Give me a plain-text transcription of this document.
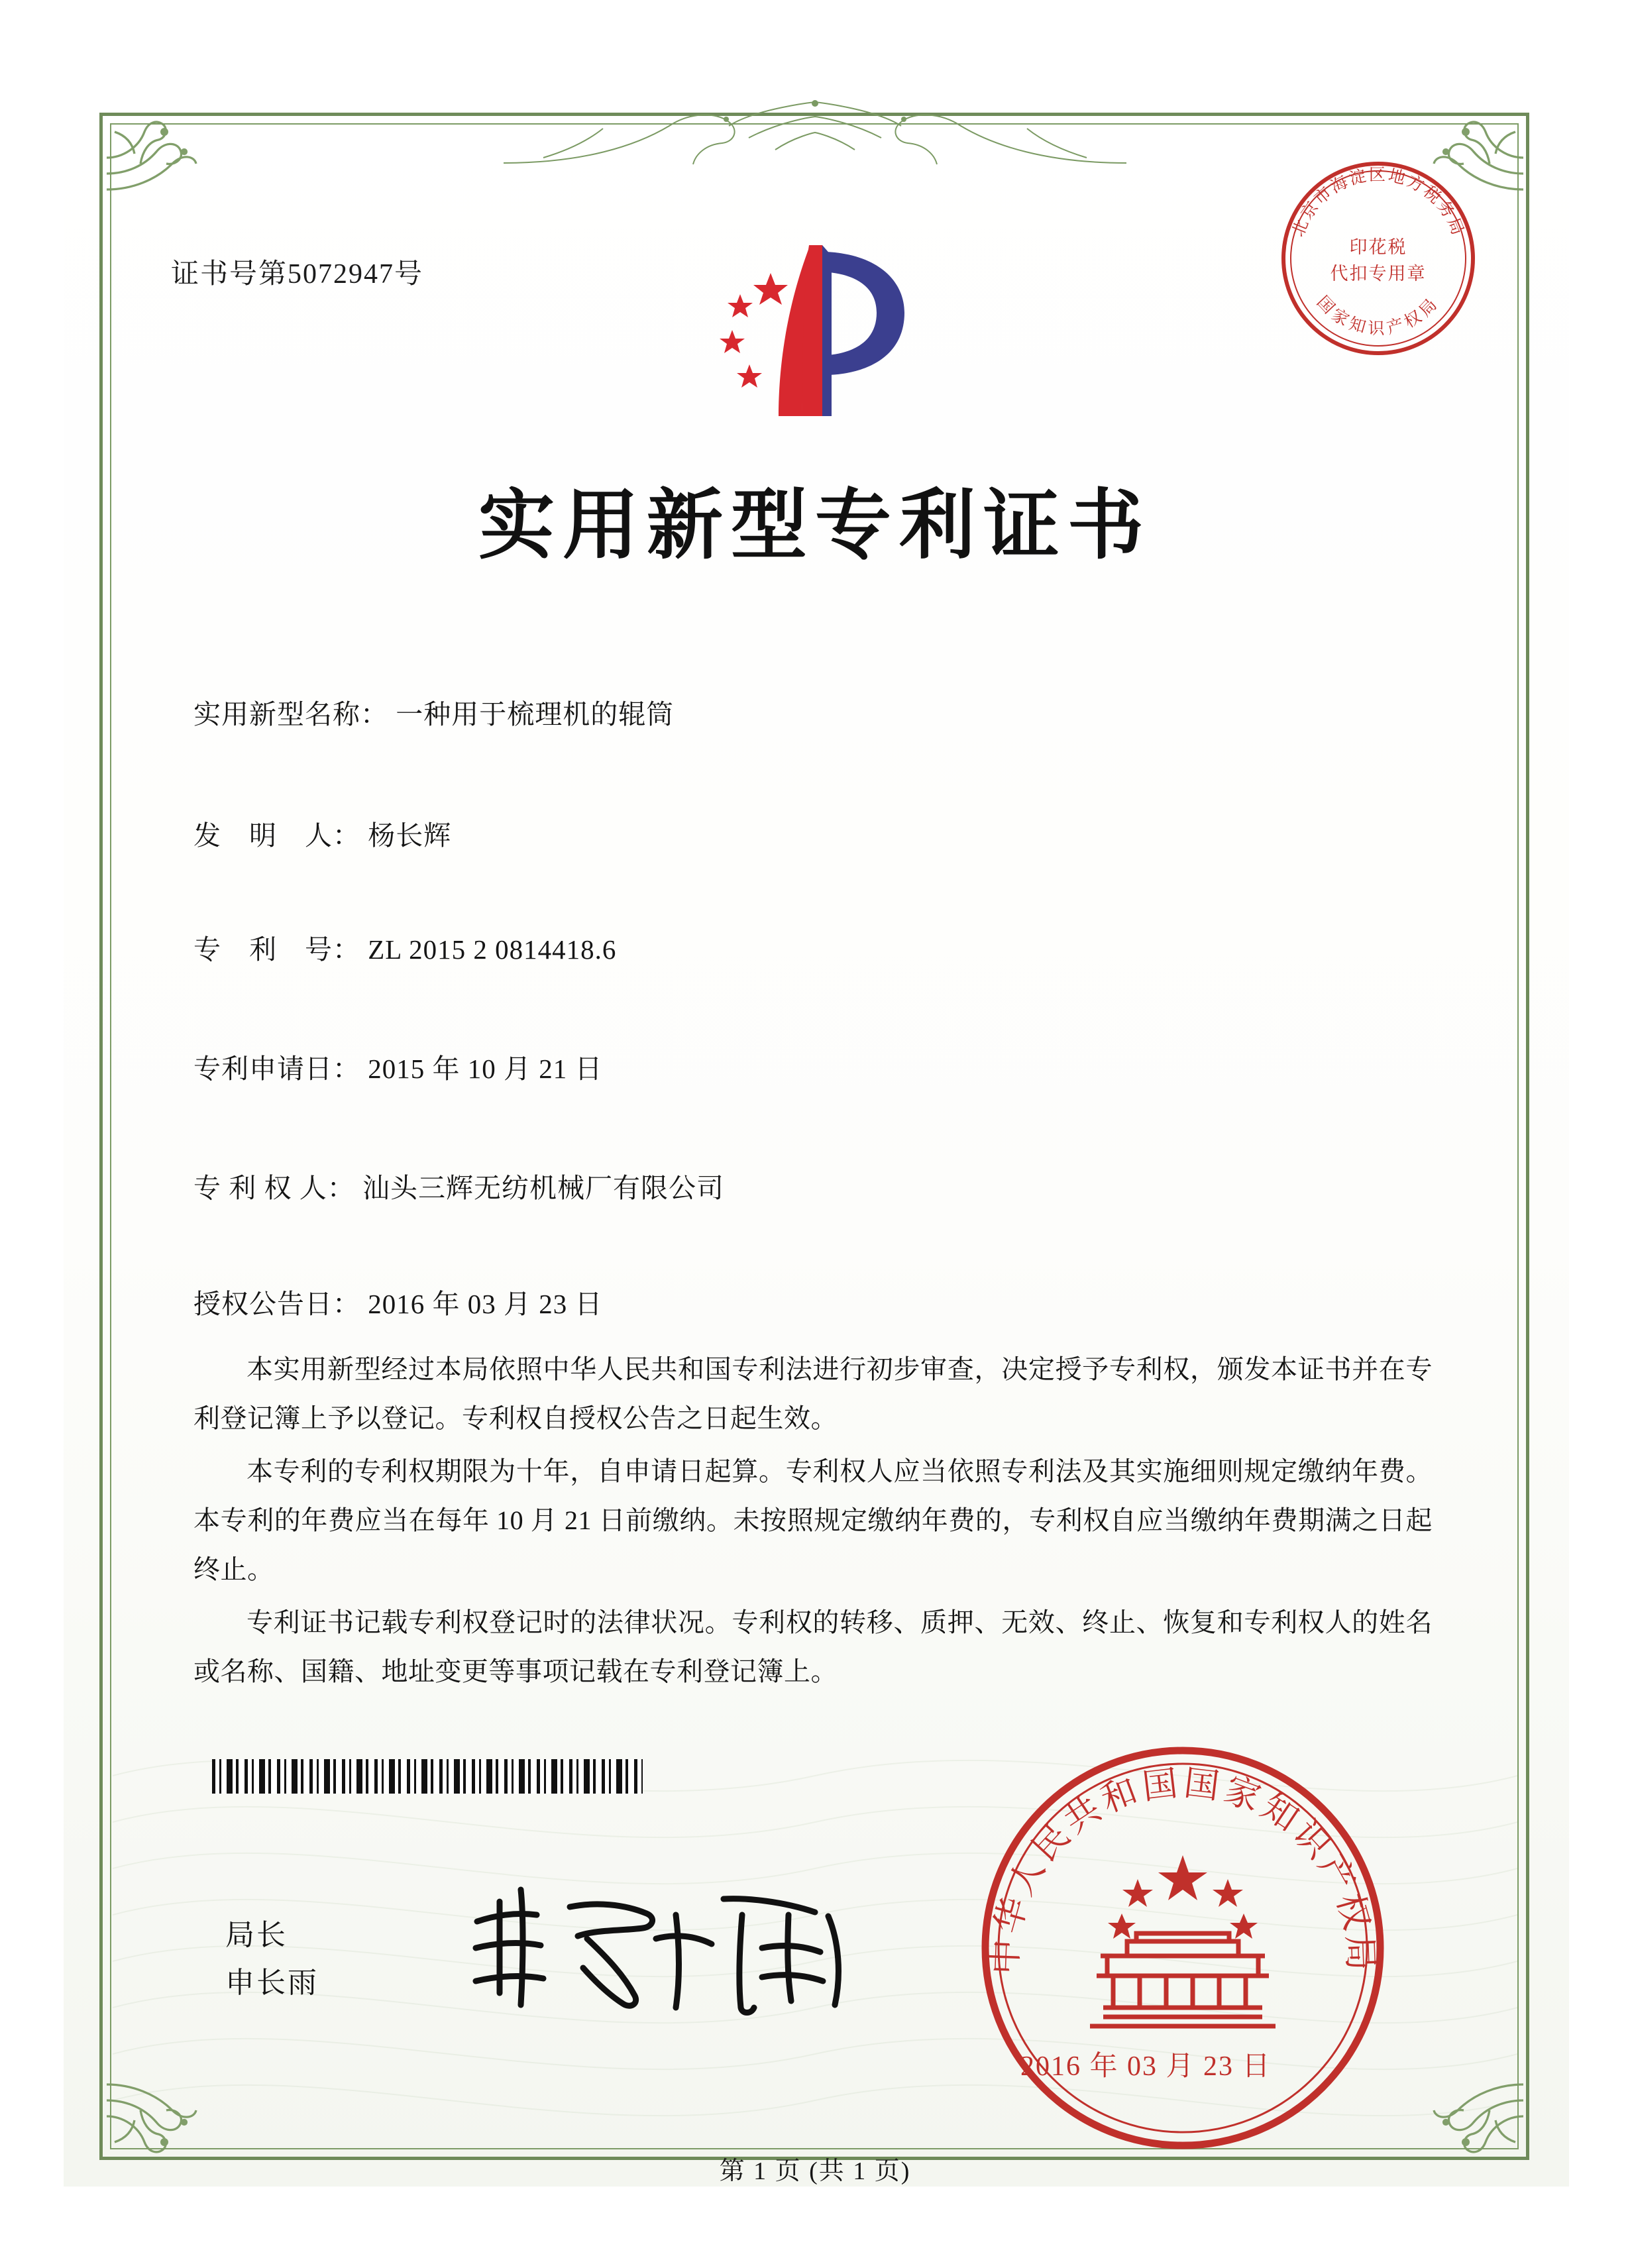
证书号第5072947号
北京市海淀区地方税务局
国家知识产权局
印花税
代扣专用章
实用新型专利证书
实用新型名称： 一种用于梳理机的辊筒
发　明　人： 杨长辉
专　利　号： ZL 2015 2 0814418.6
专利申请日： 2015 年 10 月 21 日
专 利 权 人： 汕头三辉无纺机械厂有限公司
授权公告日： 2016 年 03 月 23 日

本实用新型经过本局依照中华人民共和国专利法进行初步审查，决定授予专利权，颁发本证书并在专利登记簿上予以登记。专利权自授权公告之日起生效。

本专利的专利权期限为十年，自申请日起算。专利权人应当依照专利法及其实施细则规定缴纳年费。本专利的年费应当在每年 10 月 21 日前缴纳。未按照规定缴纳年费的，专利权自应当缴纳年费期满之日起终止。

专利证书记载专利权登记时的法律状况。专利权的转移、质押、无效、终止、恢复和专利权人的姓名或名称、国籍、地址变更等事项记载在专利登记簿上。

局长
申长雨
中华人民共和国国家知识产权局
2016 年 03 月 23 日
第 1 页 (共 1 页)
